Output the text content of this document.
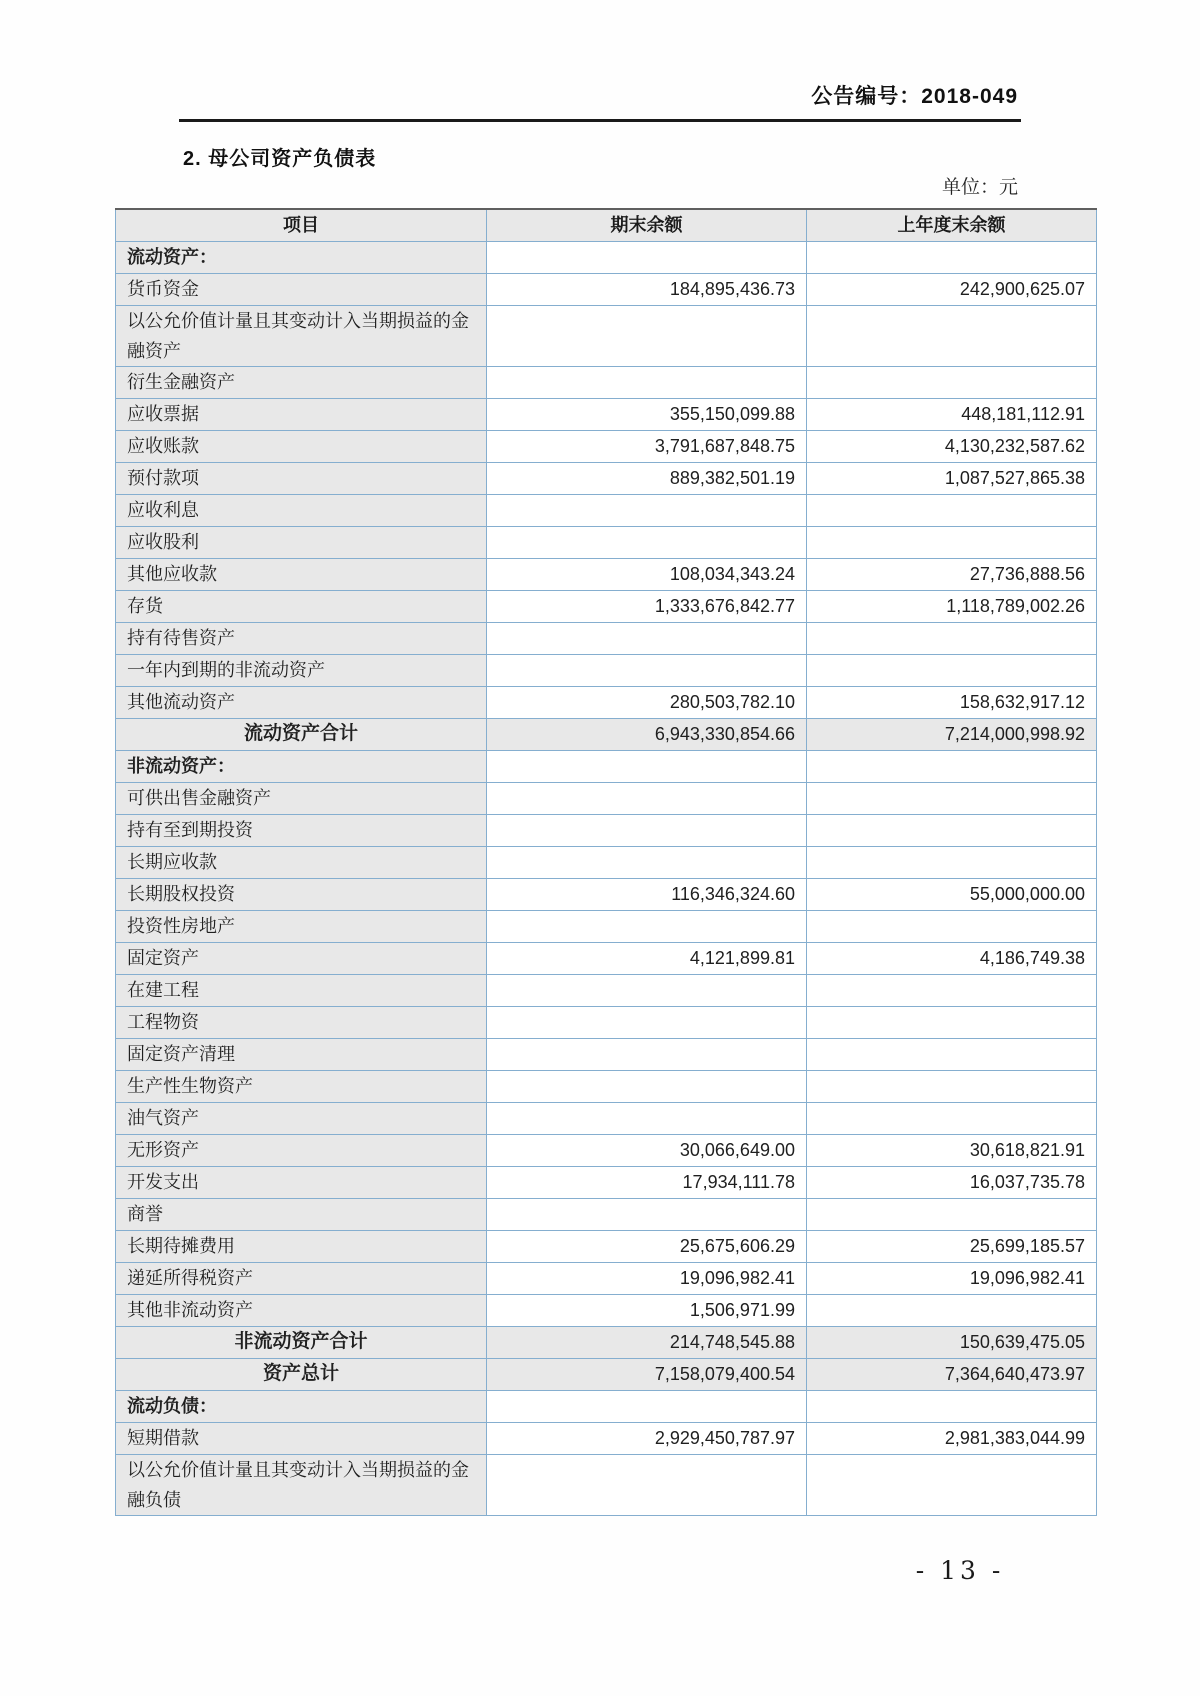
公告编号：2018-049
2. 母公司资产负债表
单位：元
项目	期末余额	上年度末余额
流动资产：		
货币资金	184,895,436.73	242,900,625.07
以公允价值计量且其变动计入当期损益的金融资产		
衍生金融资产		
应收票据	355,150,099.88	448,181,112.91
应收账款	3,791,687,848.75	4,130,232,587.62
预付款项	889,382,501.19	1,087,527,865.38
应收利息		
应收股利		
其他应收款	108,034,343.24	27,736,888.56
存货	1,333,676,842.77	1,118,789,002.26
持有待售资产		
一年内到期的非流动资产		
其他流动资产	280,503,782.10	158,632,917.12
流动资产合计	6,943,330,854.66	7,214,000,998.92
非流动资产：		
可供出售金融资产		
持有至到期投资		
长期应收款		
长期股权投资	116,346,324.60	55,000,000.00
投资性房地产		
固定资产	4,121,899.81	4,186,749.38
在建工程		
工程物资		
固定资产清理		
生产性生物资产		
油气资产		
无形资产	30,066,649.00	30,618,821.91
开发支出	17,934,111.78	16,037,735.78
商誉		
长期待摊费用	25,675,606.29	25,699,185.57
递延所得税资产	19,096,982.41	19,096,982.41
其他非流动资产	1,506,971.99	
非流动资产合计	214,748,545.88	150,639,475.05
资产总计	7,158,079,400.54	7,364,640,473.97
流动负债：		
短期借款	2,929,450,787.97	2,981,383,044.99
以公允价值计量且其变动计入当期损益的金融负债		
- 13 -
